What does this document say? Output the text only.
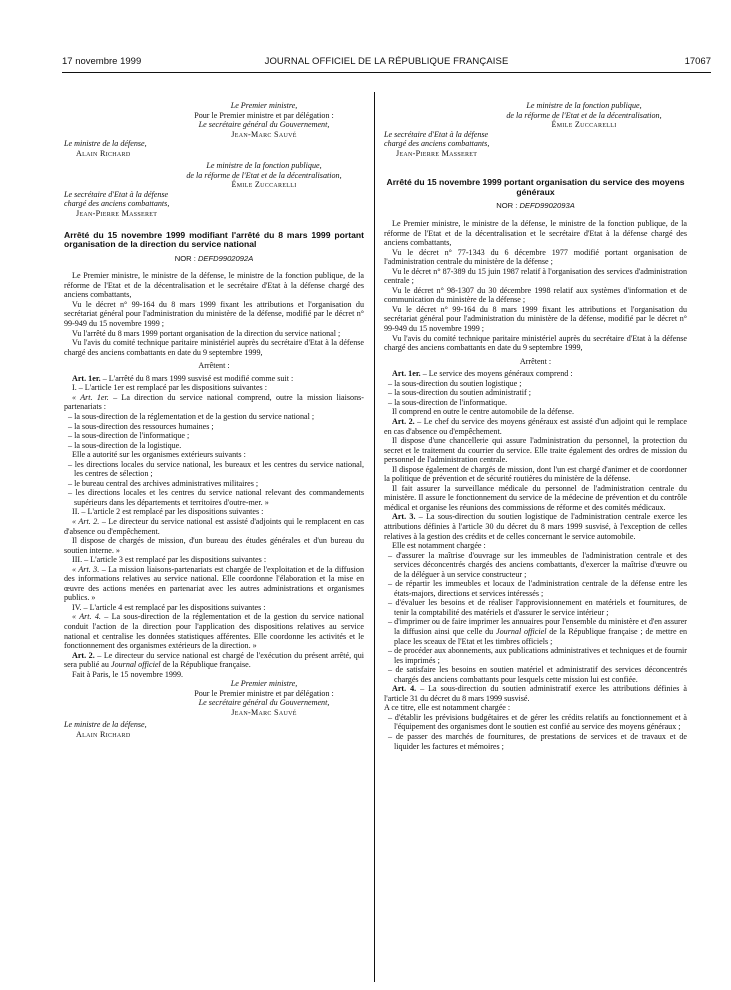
17 novembre 1999	JOURNAL OFFICIEL DE LA RÉPUBLIQUE FRANÇAISE	17067
Le Premier ministre,
Pour le Premier ministre et par délégation :
Le secrétaire général du Gouvernement,
Jean-Marc Sauvé
Le ministre de la défense,
Alain Richard
Le ministre de la fonction publique,
de la réforme de l'Etat et de la décentralisation,
Émile Zuccarelli
Le secrétaire d'Etat à la défense
chargé des anciens combattants,
Jean-Pierre Masseret
Arrêté du 15 novembre 1999 modifiant l'arrêté du 8 mars 1999 portant organisation de la direction du service national
NOR : DEFD9902092A

Le Premier ministre, le ministre de la défense, le ministre de la fonction publique, de la réforme de l'Etat et de la décentralisation et le secrétaire d'Etat à la défense chargé des anciens combattants,

Vu le décret n° 99-164 du 8 mars 1999 fixant les attributions et l'organisation du secrétariat général pour l'administration du ministère de la défense, modifié par le décret n° 99-949 du 15 novembre 1999 ;

Vu l'arrêté du 8 mars 1999 portant organisation de la direction du service national ;

Vu l'avis du comité technique paritaire ministériel auprès du secrétaire d'Etat à la défense chargé des anciens combattants en date du 9 septembre 1999,

Arrêtent :

Art. 1er. – L'arrêté du 8 mars 1999 susvisé est modifié comme suit :

I. – L'article 1er est remplacé par les dispositions suivantes :

« Art. 1er. – La direction du service national comprend, outre la mission liaisons-partenariats :

– la sous-direction de la réglementation et de la gestion du service national ;

– la sous-direction des ressources humaines ;

– la sous-direction de l'informatique ;

– la sous-direction de la logistique.

Elle a autorité sur les organismes extérieurs suivants :

– les directions locales du service national, les bureaux et les centres du service national, les centres de sélection ;

– le bureau central des archives administratives militaires ;

– les directions locales et les centres du service national relevant des commandements supérieurs dans les départements et territoires d'outre-mer. »

II. – L'article 2 est remplacé par les dispositions suivantes :

« Art. 2. – Le directeur du service national est assisté d'adjoints qui le remplacent en cas d'absence ou d'empêchement.

Il dispose de chargés de mission, d'un bureau des études générales et d'un bureau du soutien interne. »

III. – L'article 3 est remplacé par les dispositions suivantes :

« Art. 3. – La mission liaisons-partenariats est chargée de l'exploitation et de la diffusion des informations relatives au service national. Elle coordonne l'élaboration et la mise en œuvre des actions menées en partenariat avec les autres administrations et organismes publics. »

IV. – L'article 4 est remplacé par les dispositions suivantes :

« Art. 4. – La sous-direction de la réglementation et de la gestion du service national conduit l'action de la direction pour l'application des dispositions relatives au service national et centralise les données statistiques afférentes. Elle coordonne les activités et le fonctionnement des organismes extérieurs de la direction. »

Art. 2. – Le directeur du service national est chargé de l'exécution du présent arrêté, qui sera publié au Journal officiel de la République française.

Fait à Paris, le 15 novembre 1999.

Le Premier ministre,
Pour le Premier ministre et par délégation :
Le secrétaire général du Gouvernement,
Jean-Marc Sauvé
Le ministre de la défense,
Alain Richard
Le ministre de la fonction publique,
de la réforme de l'Etat et de la décentralisation,
Émile Zuccarelli
Le secrétaire d'Etat à la défense
chargé des anciens combattants,
Jean-Pierre Masseret
Arrêté du 15 novembre 1999 portant organisation du service des moyens généraux
NOR : DEFD9902093A

Le Premier ministre, le ministre de la défense, le ministre de la fonction publique, de la réforme de l'Etat et de la décentralisation et le secrétaire d'Etat à la défense chargé des anciens combattants,

Vu le décret n° 77-1343 du 6 décembre 1977 modifié portant organisation de l'administration centrale du ministère de la défense ;

Vu le décret n° 87-389 du 15 juin 1987 relatif à l'organisation des services d'administration centrale ;

Vu le décret n° 98-1307 du 30 décembre 1998 relatif aux systèmes d'information et de communication du ministère de la défense ;

Vu le décret n° 99-164 du 8 mars 1999 fixant les attributions et l'organisation du secrétariat général pour l'administration du ministère de la défense, modifié par le décret n° 99-949 du 15 novembre 1999 ;

Vu l'avis du comité technique paritaire ministériel auprès du secrétaire d'Etat à la défense chargé des anciens combattants en date du 9 septembre 1999,

Arrêtent :

Art. 1er. – Le service des moyens généraux comprend :

– la sous-direction du soutien logistique ;

– la sous-direction du soutien administratif ;

– la sous-direction de l'informatique.

Il comprend en outre le centre automobile de la défense.

Art. 2. – Le chef du service des moyens généraux est assisté d'un adjoint qui le remplace en cas d'absence ou d'empêchement.

Il dispose d'une chancellerie qui assure l'administration du personnel, la protection du secret et le traitement du courrier du service. Elle traite également des ordres de mission du personnel de l'administration centrale.

Il dispose également de chargés de mission, dont l'un est chargé d'animer et de coordonner la politique de prévention et de sécurité routières du ministère de la défense.

Il fait assurer la surveillance médicale du personnel de l'administration centrale du ministère. Il assure le fonctionnement du service de la médecine de prévention et du contrôle médical et organise les réunions des commissions de réforme et des comités médicaux.

Art. 3. – La sous-direction du soutien logistique de l'administration centrale exerce les attributions définies à l'article 30 du décret du 8 mars 1999 susvisé, à l'exception de celles relatives à la gestion des crédits et de celles concernant le service automobile.

Elle est notamment chargée :

– d'assurer la maîtrise d'ouvrage sur les immeubles de l'administration centrale et des services déconcentrés chargés des anciens combattants, d'exercer la maîtrise d'œuvre ou de la déléguer à un service constructeur ;

– de répartir les immeubles et locaux de l'administration centrale de la défense entre les états-majors, directions et services intéressés ;

– d'évaluer les besoins et de réaliser l'approvisionnement en matériels et fournitures, de tenir la comptabilité des matériels et d'assurer le service intérieur ;

– d'imprimer ou de faire imprimer les annuaires pour l'ensemble du ministère et d'en assurer la diffusion ainsi que celle du Journal officiel de la République française ; de mettre en place les sceaux de l'Etat et les timbres officiels ;

– de procéder aux abonnements, aux publications administratives et techniques et de fournir les imprimés ;

– de satisfaire les besoins en soutien matériel et administratif des services déconcentrés chargés des anciens combattants pour lesquels cette mission lui est confiée.

Art. 4. – La sous-direction du soutien administratif exerce les attributions définies à l'article 31 du décret du 8 mars 1999 susvisé.

A ce titre, elle est notamment chargée :

– d'établir les prévisions budgétaires et de gérer les crédits relatifs au fonctionnement et à l'équipement des organismes dont le soutien est confié au service des moyens généraux ;

– de passer des marchés de fournitures, de prestations de services et de travaux et de liquider les factures et mémoires ;
